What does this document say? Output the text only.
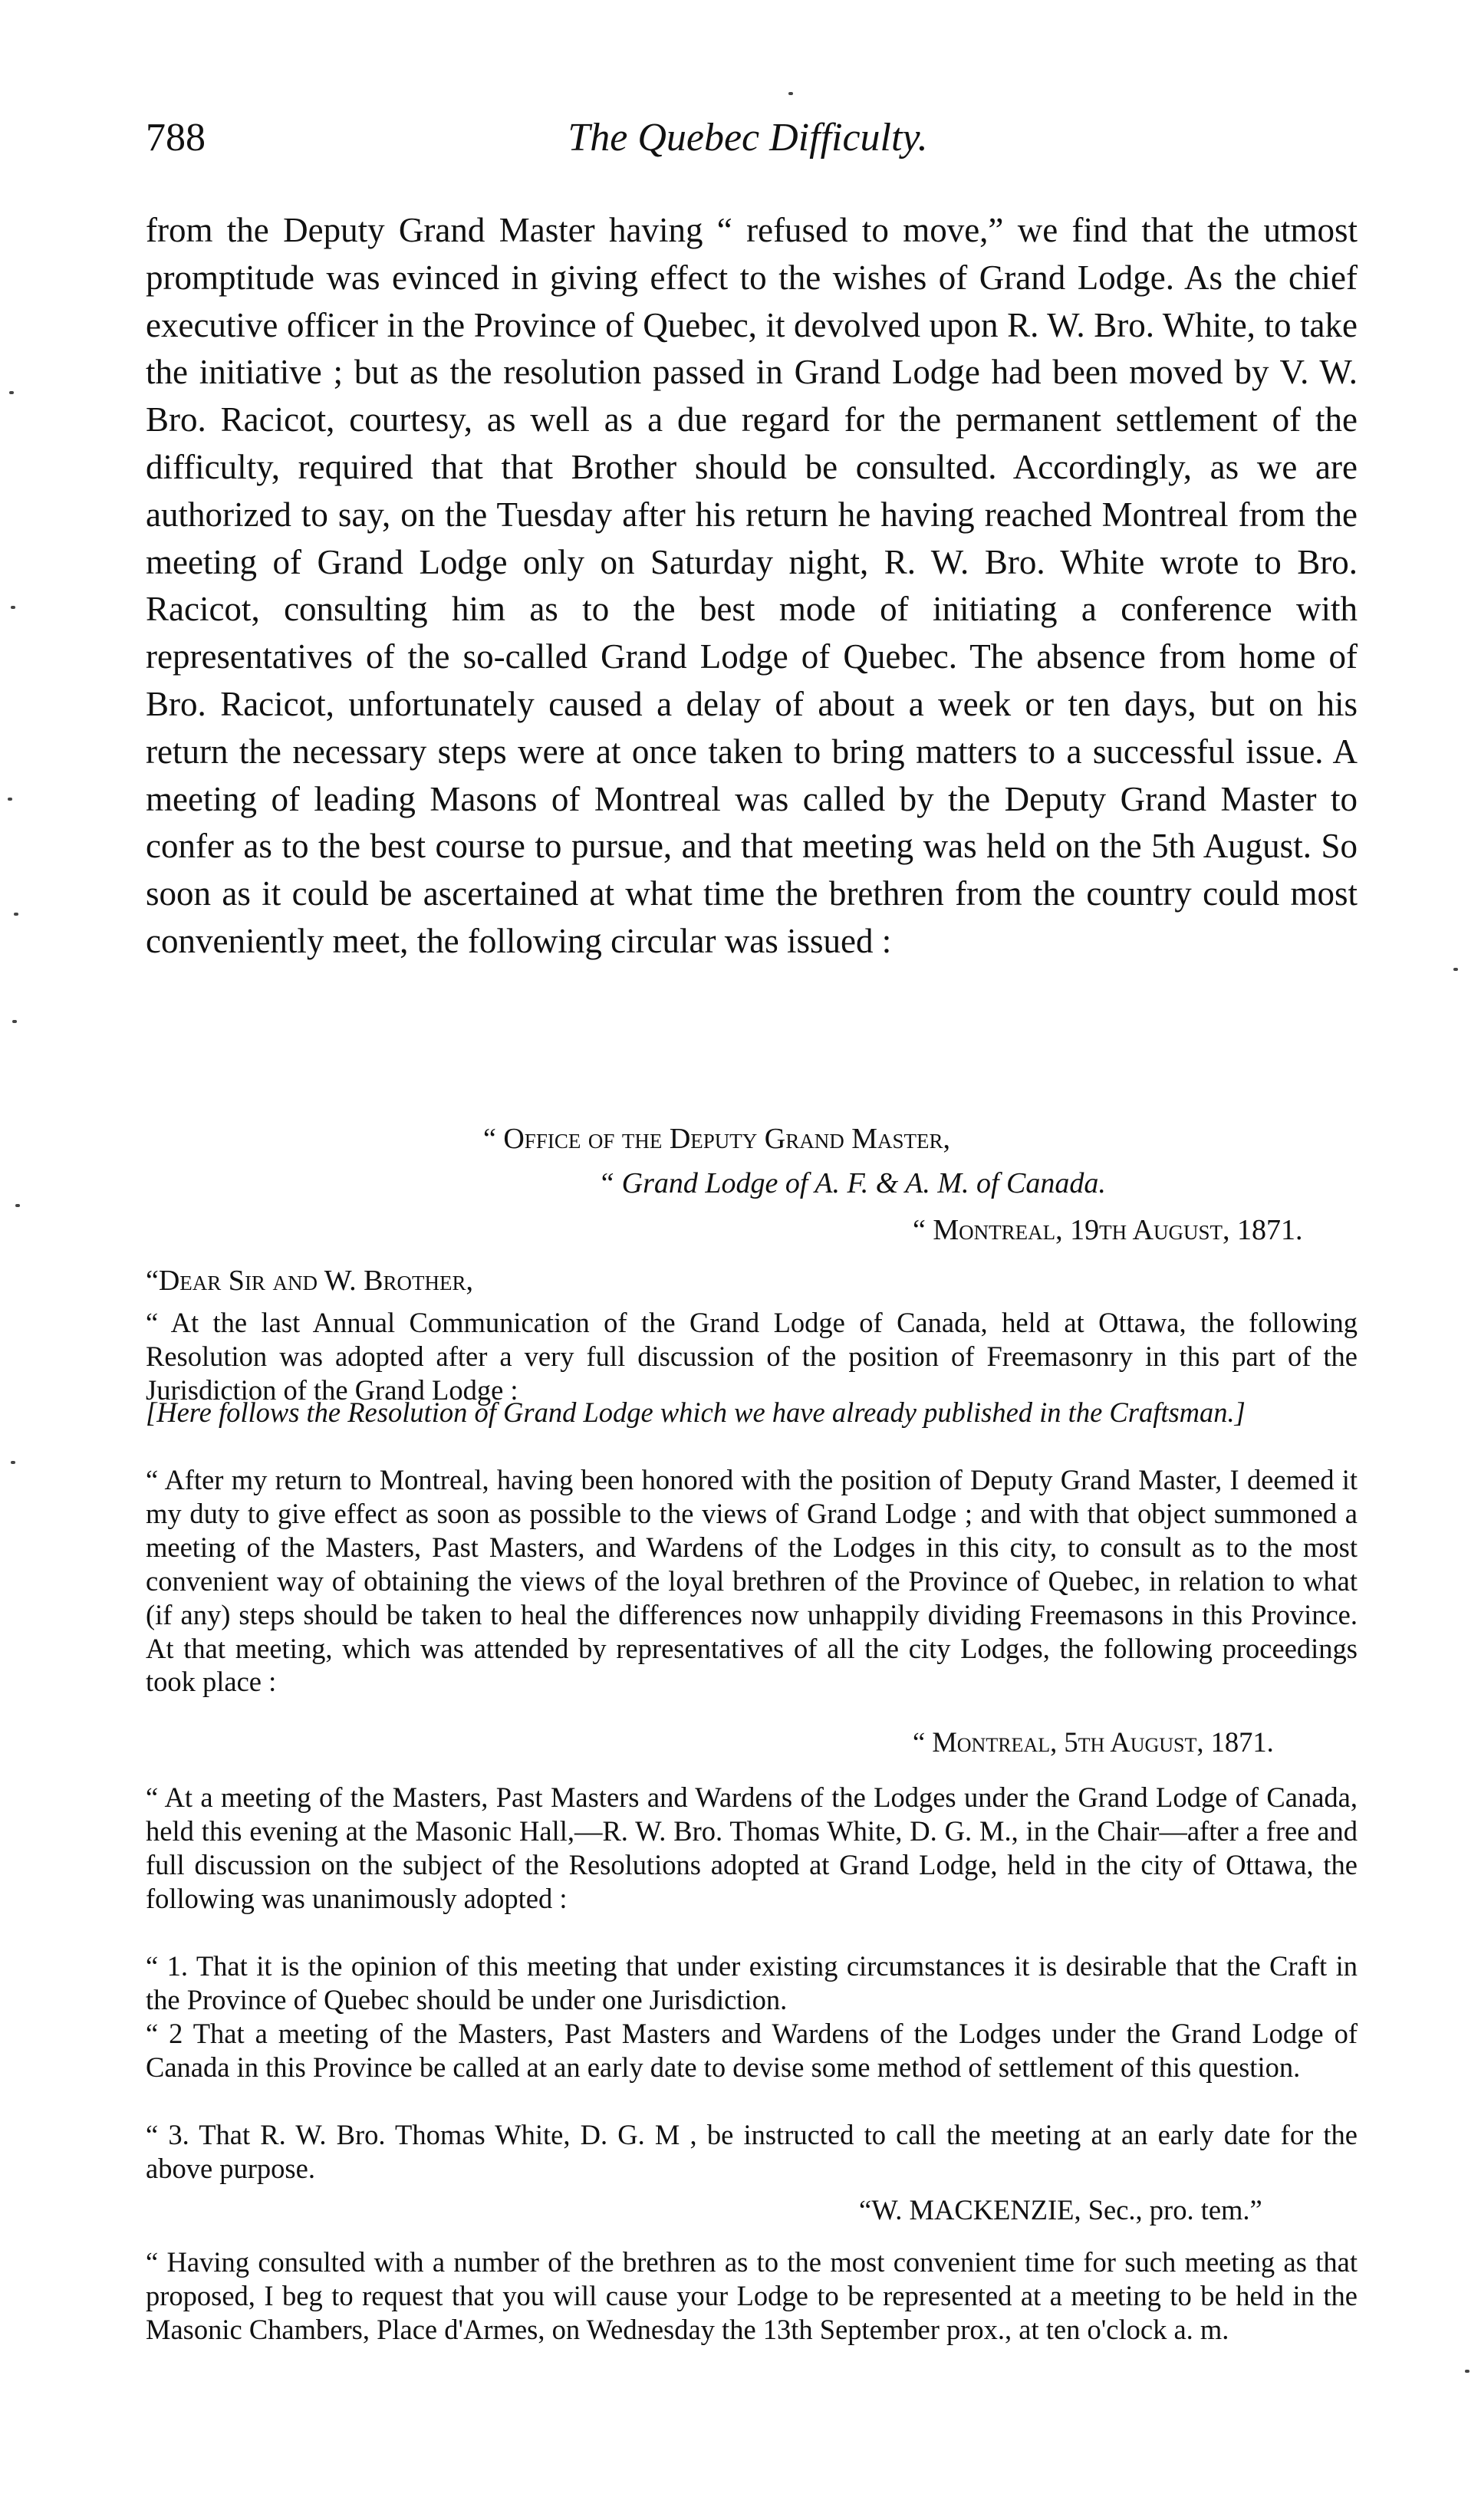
788	The Quebec Difficulty.

from the Deputy Grand Master having “ refused to move,” we find that the utmost promptitude was evinced in giving effect to the wishes of Grand Lodge. As the chief executive officer in the Province of Quebec, it devolved upon R. W. Bro. White, to take the initiative ; but as the resolution passed in Grand Lodge had been moved by V. W. Bro. Racicot, courtesy, as well as a due regard for the permanent settlement of the difficulty, required that that Brother should be consulted. Accordingly, as we are authorized to say, on the Tuesday after his return he having reached Montreal from the meeting of Grand Lodge only on Saturday night, R. W. Bro. White wrote to Bro. Racicot, consulting him as to the best mode of initiating a conference with representatives of the so-called Grand Lodge of Quebec. The absence from home of Bro. Racicot, unfortunately caused a delay of about a week or ten days, but on his return the necessary steps were at once taken to bring matters to a successful issue. A meeting of leading Masons of Montreal was called by the Deputy Grand Master to confer as to the best course to pursue, and that meeting was held on the 5th August. So soon as it could be ascertained at what time the brethren from the country could most conveniently meet, the following circular was issued :

“ Office of the Deputy Grand Master,
“ Grand Lodge of A. F. & A. M. of Canada.
“ Montreal, 19th August, 1871.
“Dear Sir and W. Brother,

“ At the last Annual Communication of the Grand Lodge of Canada, held at Ottawa, the following Resolution was adopted after a very full discussion of the position of Freemasonry in this part of the Jurisdiction of the Grand Lodge :

[Here follows the Resolution of Grand Lodge which we have already published in the Craftsman.]

“ After my return to Montreal, having been honored with the position of Deputy Grand Master, I deemed it my duty to give effect as soon as possible to the views of Grand Lodge ; and with that object summoned a meeting of the Masters, Past Masters, and Wardens of the Lodges in this city, to consult as to the most convenient way of obtaining the views of the loyal brethren of the Province of Quebec, in relation to what (if any) steps should be taken to heal the differences now unhappily dividing Freemasons in this Province. At that meeting, which was attended by representatives of all the city Lodges, the following proceedings took place :

“ Montreal, 5th August, 1871.

“ At a meeting of the Masters, Past Masters and Wardens of the Lodges under the Grand Lodge of Canada, held this evening at the Masonic Hall,—R. W. Bro. Thomas White, D. G. M., in the Chair—after a free and full discussion on the subject of the Resolutions adopted at Grand Lodge, held in the city of Ottawa, the following was unanimously adopted :

“ 1. That it is the opinion of this meeting that under existing circumstances it is desirable that the Craft in the Province of Quebec should be under one Jurisdiction.

“ 2 That a meeting of the Masters, Past Masters and Wardens of the Lodges under the Grand Lodge of Canada in this Province be called at an early date to devise some method of settlement of this question.

“ 3. That R. W. Bro. Thomas White, D. G. M , be instructed to call the meeting at an early date for the above purpose.

“W. MACKENZIE, Sec., pro. tem.”

“ Having consulted with a number of the brethren as to the most convenient time for such meeting as that proposed, I beg to request that you will cause your Lodge to be represented at a meeting to be held in the Masonic Chambers, Place d'Armes, on Wednesday the 13th September prox., at ten o'clock a. m.
